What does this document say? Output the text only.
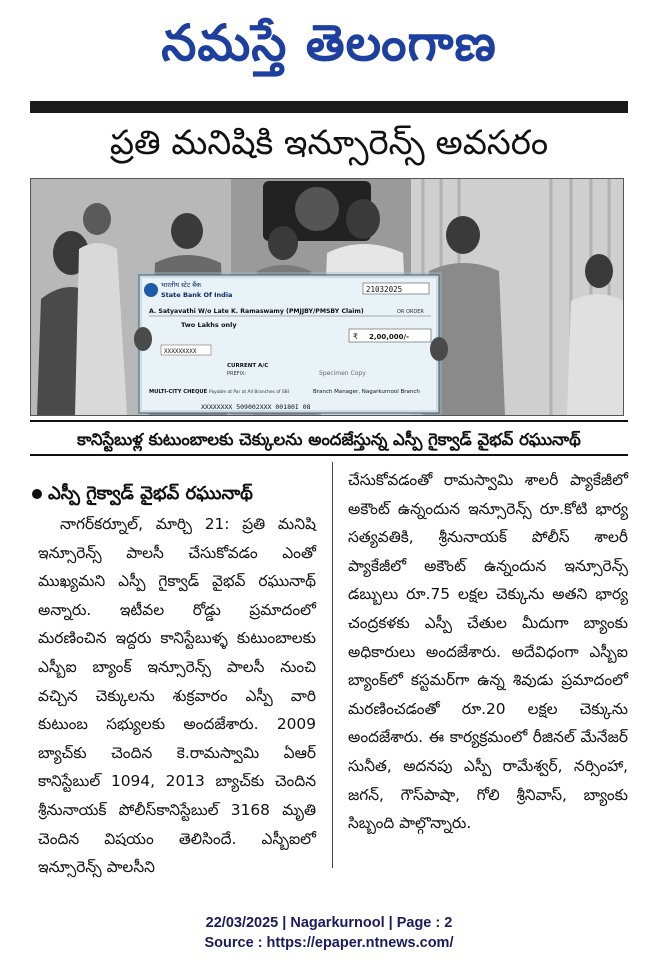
నమస్తే తెలంగాణ
ప్రతి మనిషికి ఇన్సూరెన్స్ అవసరం
भारतीय स्टेट बैंक
State Bank Of India
21032025
A. Satyavathi W/o Late K. Ramaswamy (PMJJBY/PMSBY Claim)	OR ORDER
Two Lakhs only
₹ 2,00,000/-
XXXXXXXXX
CURRENT A/C
PREFIX:	Specimen Copy
Branch Manager, Nagarkurnool Branch
MULTI-CITY CHEQUE Payable at Par at All Branches of SBI
XXXXXXXX 509002XXX 00180I 08
కానిస్టేబుళ్ల కుటుంబాలకు చెక్కులను అందజేస్తున్న ఎస్పీ గైక్వాడ్ వైభవ్ రఘునాథ్
ఎస్పీ గైక్వాడ్ వైభవ్ రఘునాథ్
నాగర్‌కర్నూల్, మార్చి 21: ప్రతి మనిషి ఇన్సూరెన్స్ పాలసీ చేసుకోవడం ఎంతో ముఖ్యమని ఎస్పీ గైక్వాడ్ వైభవ్ రఘునాథ్ అన్నారు. ఇటీవల రోడ్డు ప్రమాదంలో మరణించిన ఇద్దరు కానిస్టేబుళ్ళ కుటుంబాలకు ఎస్బీఐ బ్యాంక్ ఇన్సూరెన్స్ పాలసీ నుంచి వచ్చిన చెక్కులను శుక్రవారం ఎస్పీ వారి కుటుంబ సభ్యులకు అందజేశారు. 2009 బ్యాచ్‌కు చెందిన కె.రామస్వామి ఏఆర్ కానిస్టేబుల్ 1094, 2013 బ్యాచ్‌కు చెందిన శ్రీనునాయక్ పోలీస్‌కానిస్టేబుల్ 3168 మృతి చెందిన విషయం తెలిసిందే. ఎస్బీఐలో ఇన్సూరెన్స్ పాలసీని
చేసుకోవడంతో రామస్వామి శాలరీ ప్యాకేజీలో అకౌంట్ ఉన్నందున ఇన్సూరెన్స్ రూ.కోటి భార్య సత్యవతికి, శ్రీనునాయక్ పోలీస్ శాలరీ ప్యాకేజీలో అకౌంట్ ఉన్నందున ఇన్సూరెన్స్ డబ్బులు రూ.75 లక్షల చెక్కును అతని భార్య చంద్రకళకు ఎస్పీ చేతుల మీదుగా బ్యాంకు అధికారులు అందజేశారు. అదేవిధంగా ఎస్బీఐ బ్యాంక్‌లో కస్టమర్‌గా ఉన్న శివుడు ప్రమాదంలో మరణించడంతో రూ.20 లక్షల చెక్కును అందజేశారు. ఈ కార్యక్రమంలో రీజినల్ మేనేజర్ సునీత, అదనపు ఎస్పీ రామేశ్వర్, నర్సింహా, జగన్, గౌస్‌పాషా, గోలి శ్రీనివాస్, బ్యాంకు సిబ్బంది పాల్గొన్నారు.
22/03/2025 | Nagarkurnool | Page : 2
Source : https://epaper.ntnews.com/
